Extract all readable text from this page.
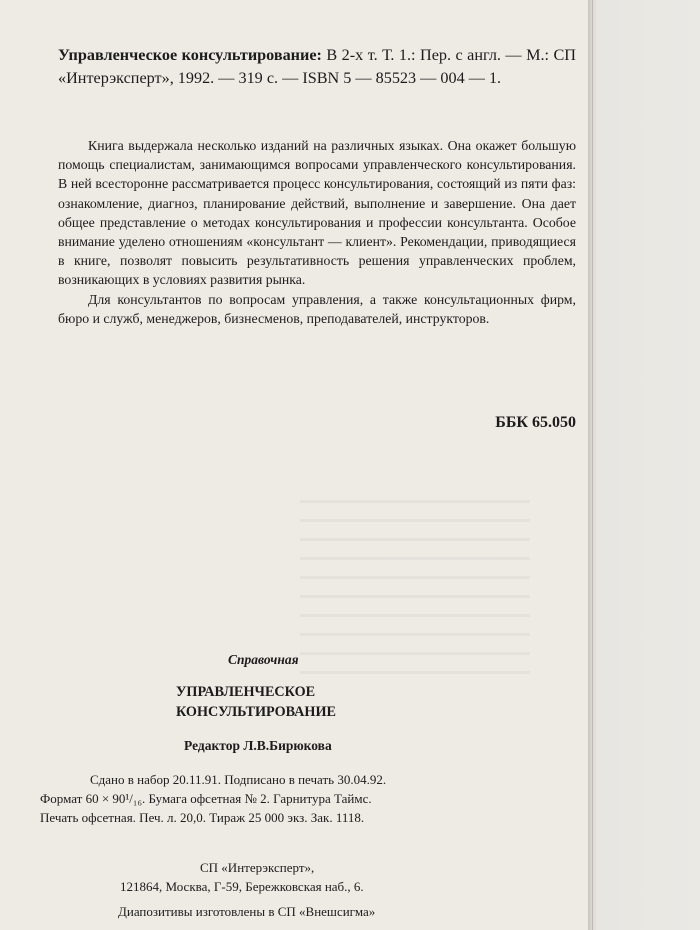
Управленческое консультирование: В 2-х т. Т. 1.: Пер. с англ. — М.: СП «Интерэксперт», 1992. — 319 с. — ISBN 5 — 85523 — 004 — 1.

Книга выдержала несколько изданий на различных языках. Она окажет большую помощь специалистам, занимающимся вопросами управленческого консультирования. В ней всесторонне рассматривается процесс консультирования, состоящий из пяти фаз: ознакомление, диагноз, планирование действий, выполнение и завершение. Она дает общее представление о методах консультирования и профессии консультанта. Особое внимание уделено отношениям «консультант — клиент». Рекомендации, приводящиеся в книге, позволят повысить результативность решения управленческих проблем, возникающих в условиях развития рынка.

Для консультантов по вопросам управления, а также консультационных фирм, бюро и служб, менеджеров, бизнесменов, преподавателей, инструкторов.

ББК 65.050
Справочная
УПРАВЛЕНЧЕСКОЕ
КОНСУЛЬТИРОВАНИЕ
Редактор Л.В.Бирюкова
Сдано в набор 20.11.91. Подписано в печать 30.04.92.
Формат 60 × 90¹/₁₆. Бумага офсетная № 2. Гарнитура Таймс.
Печать офсетная. Печ. л. 20,0. Тираж 25 000 экз. Зак. 1118.
СП «Интерэксперт»,
121864, Москва, Г-59, Бережковская наб., 6.
Диапозитивы изготовлены в СП «Внешсигма»
